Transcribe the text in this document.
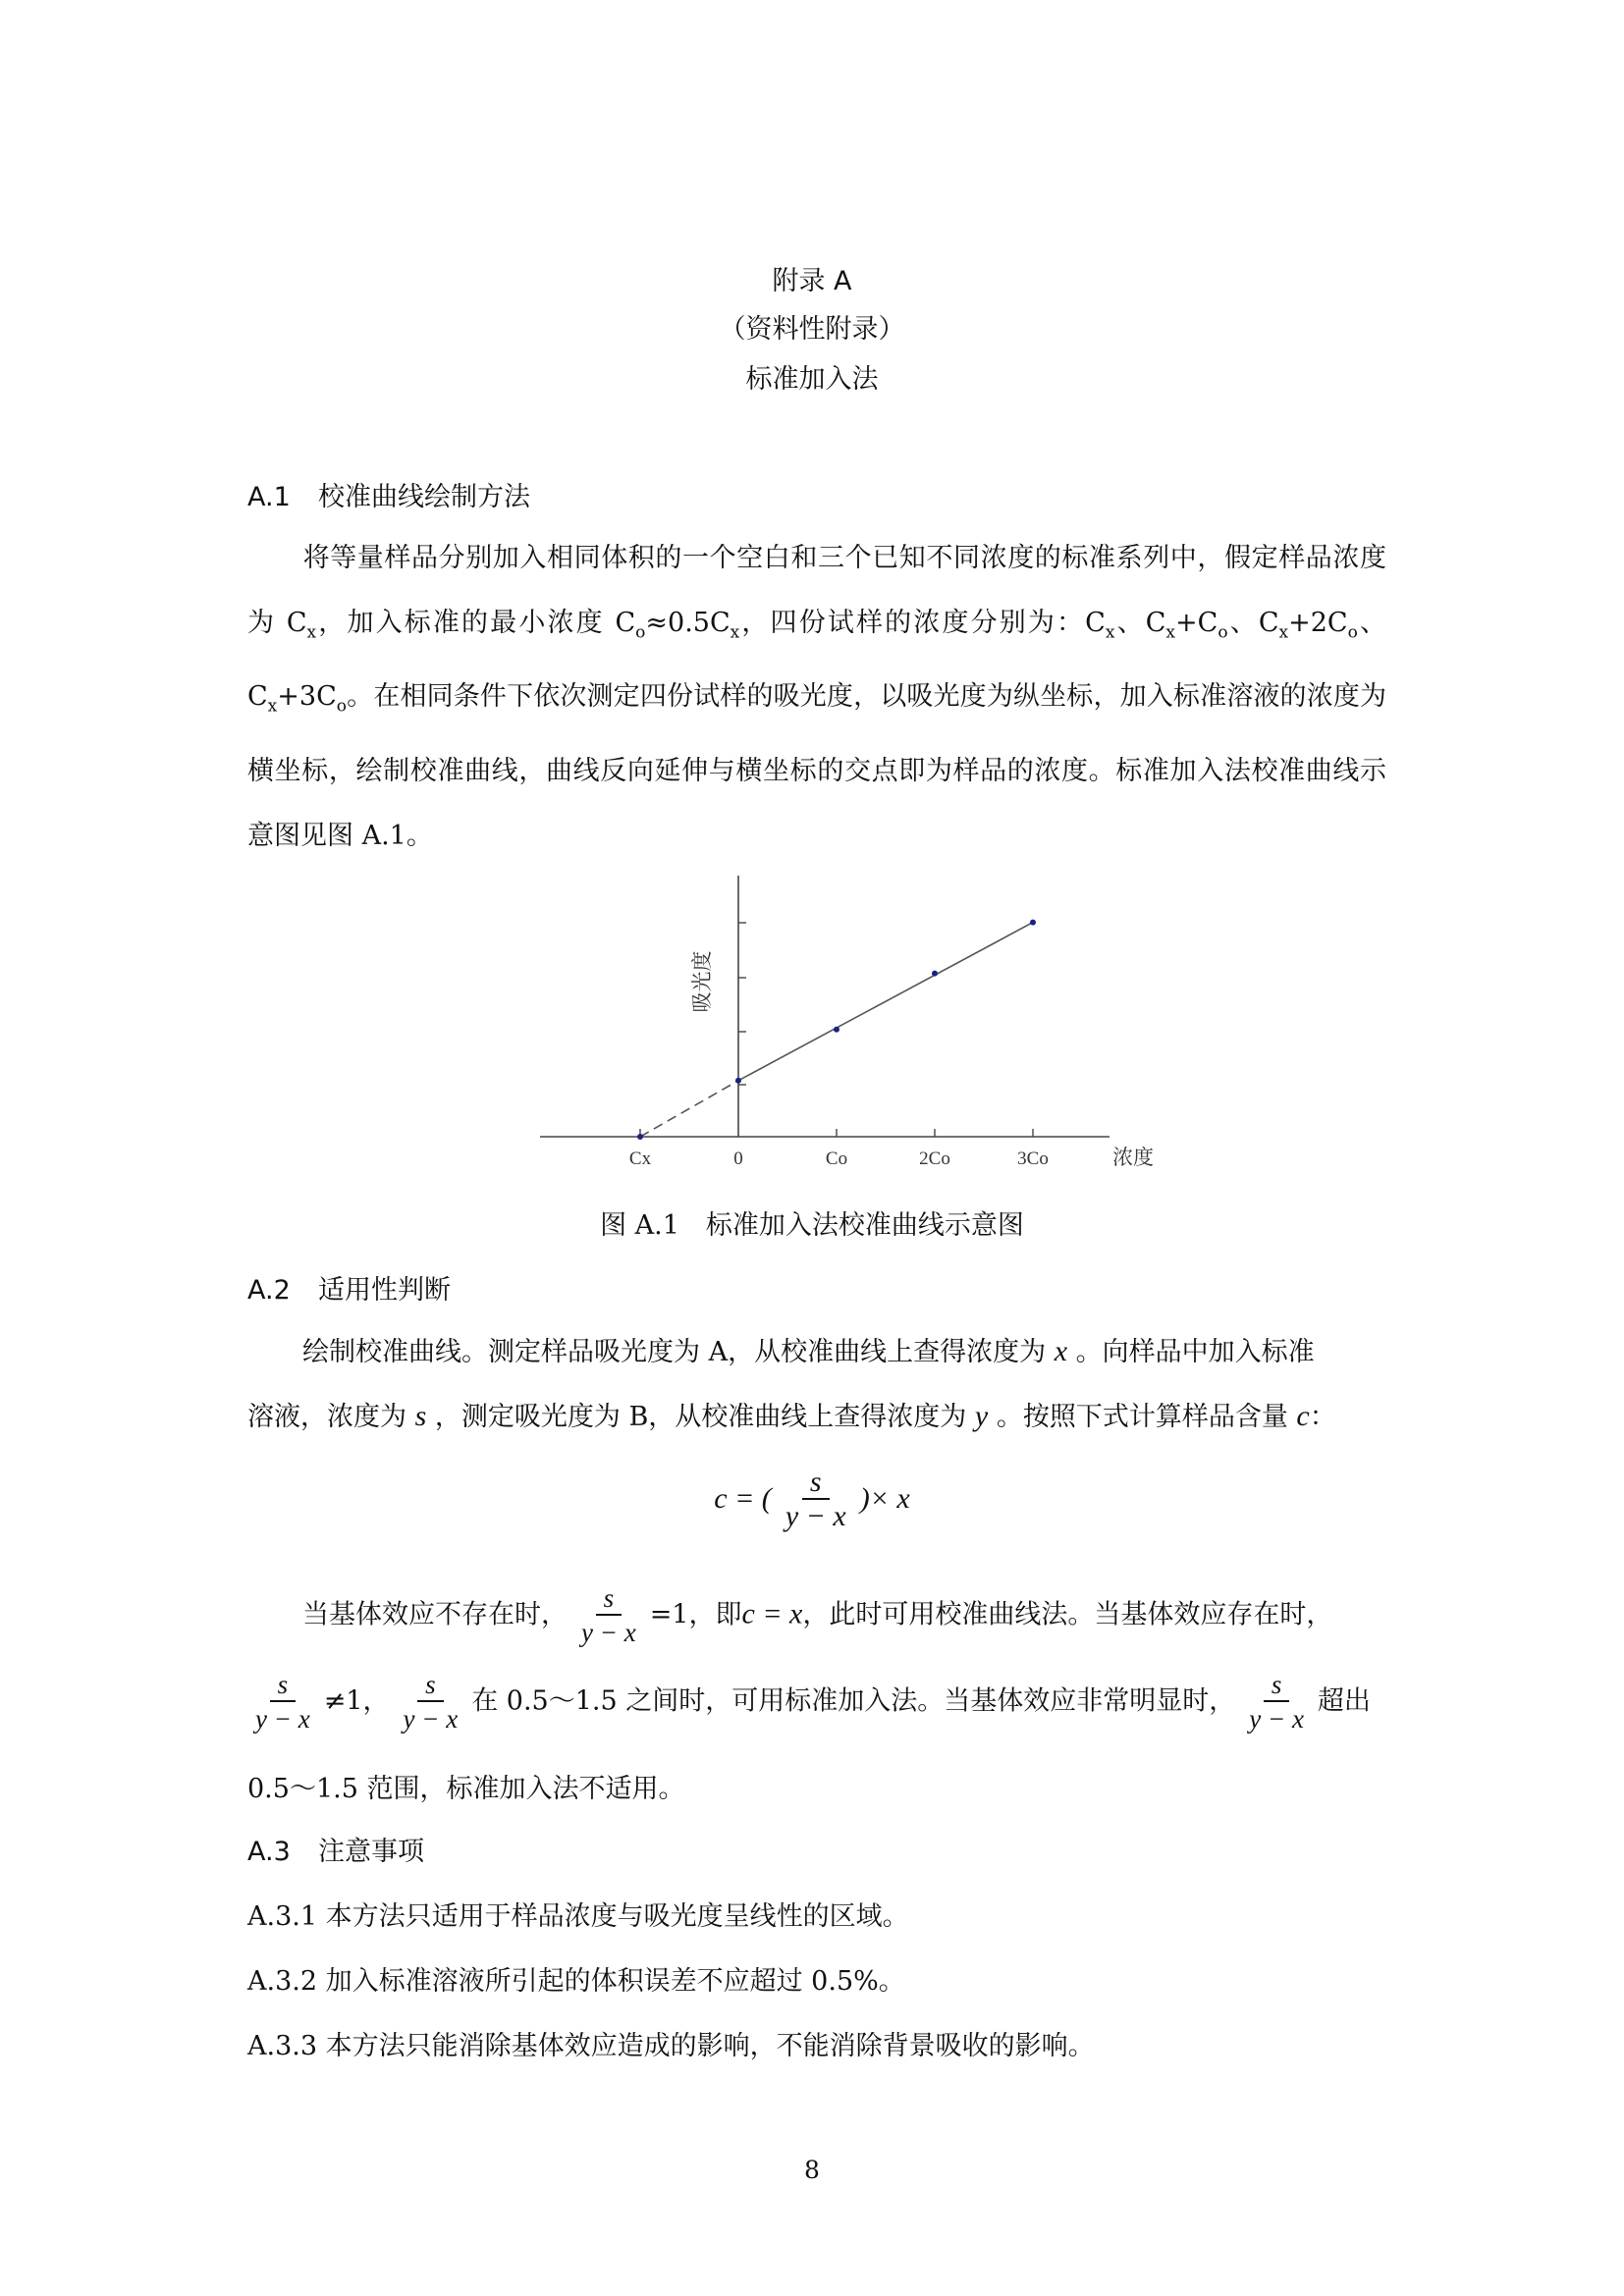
附录 A
（资料性附录）
标准加入法
A.1 校准曲线绘制方法
将等量样品分别加入相同体积的一个空白和三个已知不同浓度的标准系列中，假定样品浓度为 $C_x$，加入标准的最小浓度 $C_o\approx 0.5C_x$，四份试样的浓度分别为：$C_x$、$C_x+C_o$、$C_x+2C_o$、$C_x+3C_o$。在相同条件下依次测定四份试样的吸光度，以吸光度为纵坐标，加入标准溶液的浓度为横坐标，绘制校准曲线，曲线反向延伸与横坐标的交点即为样品的浓度。标准加入法校准曲线示意图见图 A.1。
吸光度
浓度
Cx	0	Co	2Co	3Co
图 A.1　标准加入法校准曲线示意图
A.2 适用性判断
绘制校准曲线。测定样品吸光度为 A，从校准曲线上查得浓度为 x 。向样品中加入标准
溶液，浓度为 s ，测定吸光度为 B，从校准曲线上查得浓度为 y 。按照下式计算样品含量 c：
c = ( $\frac{s}{y - x}$ )× x
当基体效应不存在时， $\frac{s}{y - x} =1$，即c = x，此时可用校准曲线法。当基体效应存在时，
$\frac{s}{y - x} \ne 1$， $\frac{s}{y - x}$ 在 0.5～1.5 之间时，可用标准加入法。当基体效应非常明显时， $\frac{s}{y - x}$ 超出
0.5～1.5 范围，标准加入法不适用。
A.3 注意事项
A.3.1 本方法只适用于样品浓度与吸光度呈线性的区域。
A.3.2 加入标准溶液所引起的体积误差不应超过 0.5%。
A.3.3 本方法只能消除基体效应造成的影响，不能消除背景吸收的影响。
8
